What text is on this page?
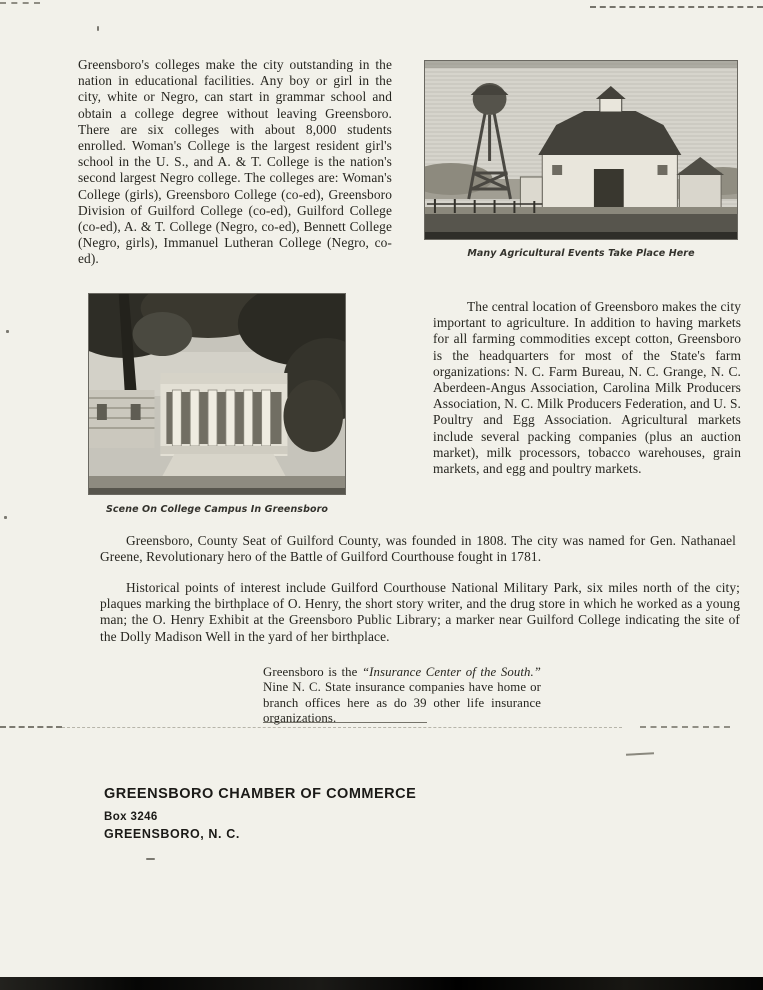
Greensboro's colleges make the city outstanding in the nation in educational facilities. Any boy or girl in the city, white or Negro, can start in grammar school and obtain a college degree without leaving Greensboro. There are six colleges with about 8,000 students enrolled. Woman's College is the largest resident girl's school in the U. S., and A. & T. College is the nation's second largest Negro college. The colleges are: Woman's College (girls), Greensboro College (co-ed), Greensboro Division of Guilford College (co-ed), Guilford College (co-ed), A. & T. College (Negro, co-ed), Bennett College (Negro, girls), Immanuel Lutheran College (Negro, co-ed).	Many Agricultural Events Take Place Here
The central location of Greensboro makes the city important to agriculture. In addition to having markets for all farming commodities except cotton, Greensboro is the headquarters for most of the State's farm organizations: N. C. Farm Bureau, N. C. Grange, N. C. Aberdeen-Angus Association, Carolina Milk Producers Association, N. C. Milk Producers Federation, and U. S. Poultry and Egg Association. Agricultural markets include several packing companies (plus an auction market), milk processors, tobacco warehouses, grain markets, and egg and poultry markets.
Scene On College Campus In Greensboro
Greensboro, County Seat of Guilford County, was founded in 1808. The city was named for Gen. Nathanael Greene, Revolutionary hero of the Battle of Guilford Courthouse fought in 1781.
Historical points of interest include Guilford Courthouse National Military Park, six miles north of the city; plaques marking the birthplace of O. Henry, the short story writer, and the drug store in which he worked as a young man; the O. Henry Exhibit at the Greensboro Public Library; a marker near Guilford College indicating the site of the Dolly Madison Well in the yard of her birthplace.
Greensboro is the “Insurance Center of the South.” Nine N. C. State insurance companies have home or branch offices here as do 39 other life insurance organizations.
GREENSBORO CHAMBER OF COMMERCE
Box 3246
GREENSBORO, N. C.
